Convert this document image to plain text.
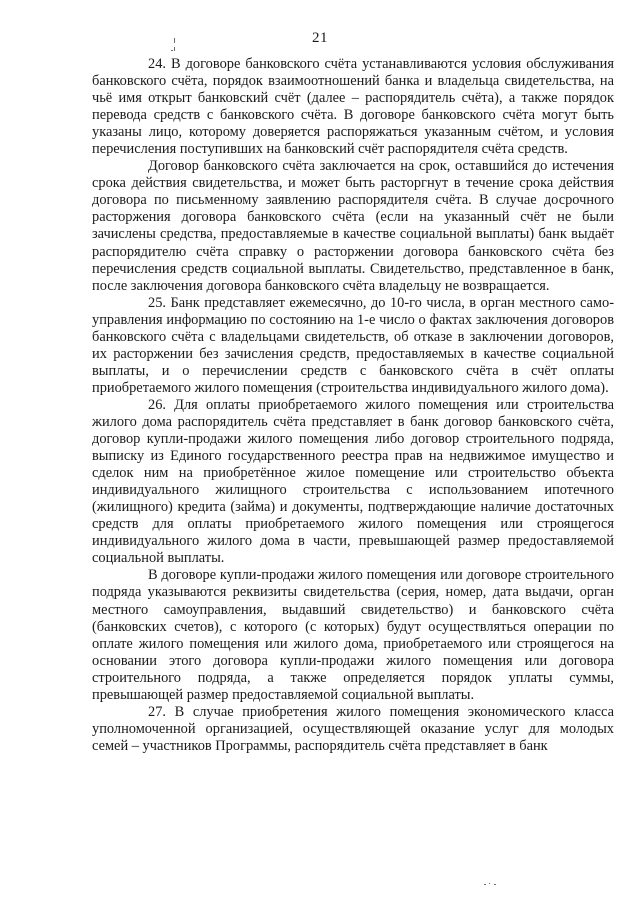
21

24. В договоре банковского счёта устанавливаются условия обслуживания банковского счёта, порядок взаимоотношений банка и владельца свидетельства, на чьё имя открыт банковский счёт (далее – распорядитель счёта), а также порядок перевода средств с банковского счёта. В договоре банковского счёта могут быть указаны лицо, которому доверяется распоряжаться указанным счётом, и условия перечисления поступивших на банковский счёт распорядителя счёта средств.

Договор банковского счёта заключается на срок, оставшийся до истечения срока действия свидетельства, и может быть расторгнут в течение срока действия договора по письменному заявлению распорядителя счёта. В случае досрочного расторжения договора банковского счёта (если на указанный счёт не были зачислены средства, предоставляемые в качестве социальной выплаты) банк выдаёт распорядителю счёта справку о расторжении договора банковского счёта без перечисления средств социальной выплаты. Свидетельство, представленное в банк, после заключения договора банковского счёта владельцу не возвращается.

25. Банк представляет ежемесячно, до 10-го числа, в орган местного само-управления информацию по состоянию на 1-е число о фактах заключения договоров банковского счёта с владельцами свидетельств, об отказе в заключении договоров, их расторжении без зачисления средств, предоставляемых в качестве социальной выплаты, и о перечислении средств с банковского счёта в счёт оплаты приобретаемого жилого помещения (строительства индивидуального жилого дома).

26. Для оплаты приобретаемого жилого помещения или строительства жилого дома распорядитель счёта представляет в банк договор банковского счёта, договор купли-продажи жилого помещения либо договор строительного подряда, выписку из Единого государственного реестра прав на недвижимое имущество и сделок ним на приобретённое жилое помещение или строительство объекта индивидуального жилищного строительства с использованием ипотечного (жилищного) кредита (займа) и документы, подтверждающие наличие достаточных средств для оплаты приобретаемого жилого помещения или строящегося индивидуального жилого дома в части, превышающей размер предоставляемой социальной выплаты.

В договоре купли-продажи жилого помещения или договоре строительного подряда указываются реквизиты свидетельства (серия, номер, дата выдачи, орган местного самоуправления, выдавший свидетельство) и банковского счёта (банковских счетов), с которого (с которых) будут осуществляться операции по оплате жилого помещения или жилого дома, приобретаемого или строящегося на основании этого договора купли-продажи жилого помещения или договора строительного подряда, а также определяется порядок уплаты суммы, превышающей размер предоставляемой социальной выплаты.

27. В случае приобретения жилого помещения экономического класса уполномоченной организацией, осуществляющей оказание услуг для молодых семей – участников Программы, распорядитель счёта представляет в банк
